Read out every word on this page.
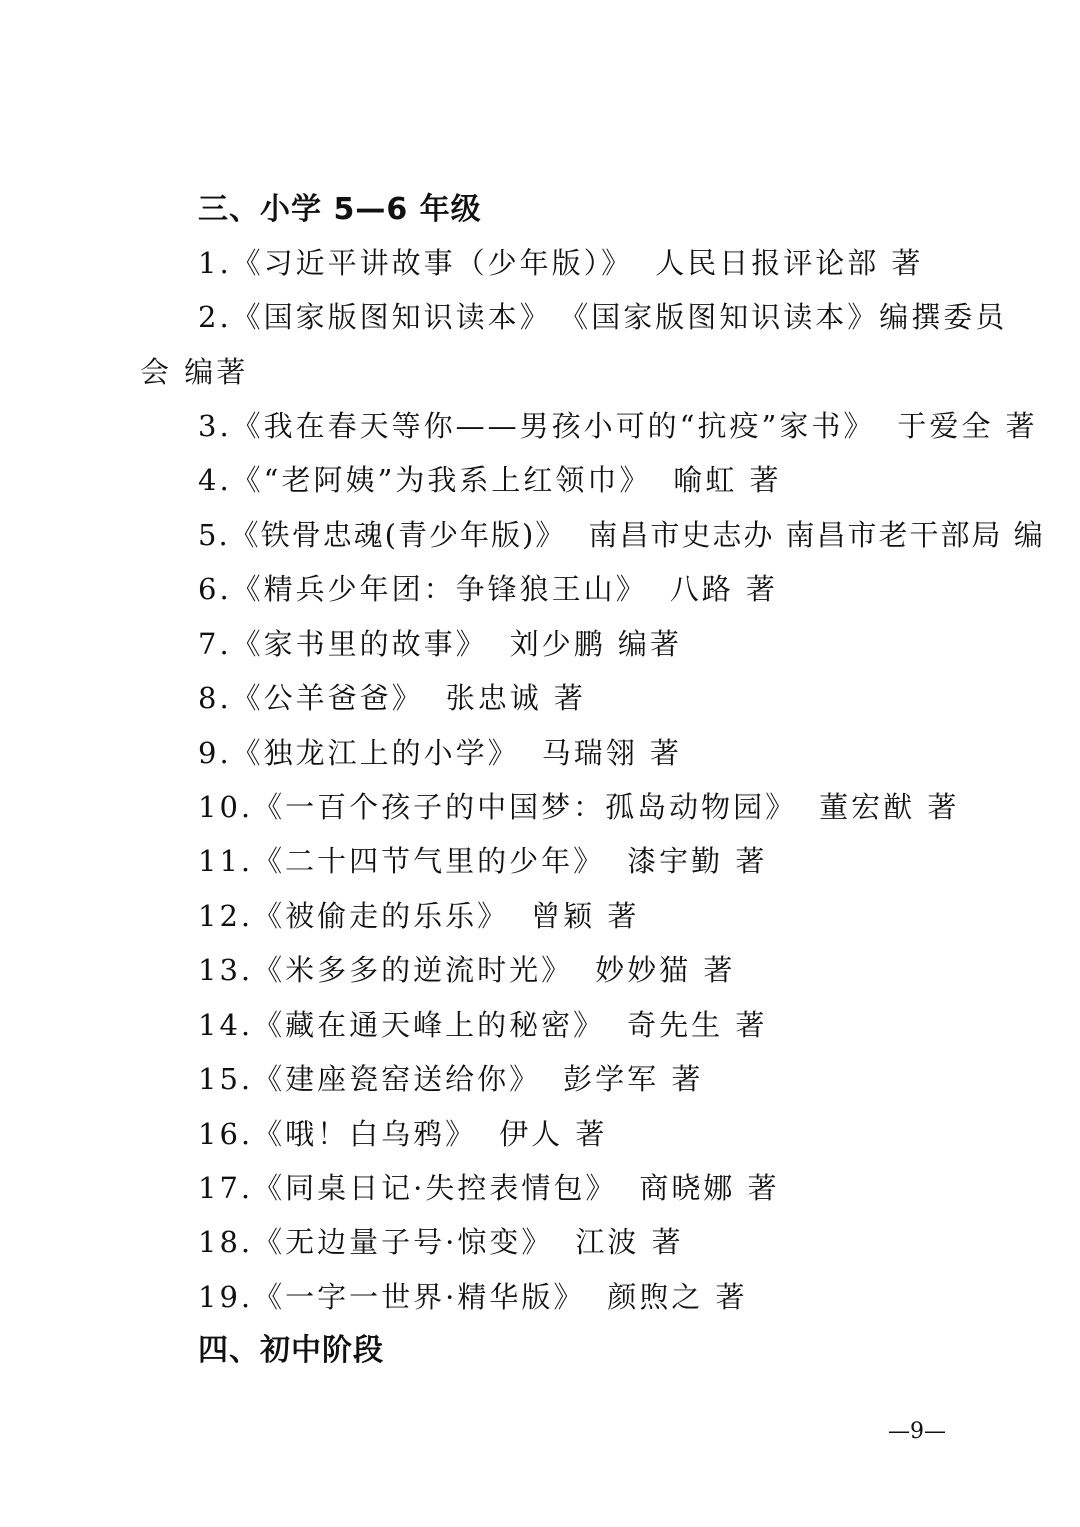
三、小学 5—6 年级
1.《习近平讲故事（少年版）》 人民日报评论部 著
2.《国家版图知识读本》 《国家版图知识读本》编撰委员
会 编著
3.《我在春天等你——男孩小可的“抗疫”家书》 于爱全 著
4.《“老阿姨”为我系上红领巾》 喻虹 著
5.《铁骨忠魂(青少年版)》 南昌市史志办 南昌市老干部局 编
6.《精兵少年团：争锋狼王山》 八路 著
7.《家书里的故事》 刘少鹏 编著
8.《公羊爸爸》 张忠诚 著
9.《独龙江上的小学》 马瑞翎 著
10.《一百个孩子的中国梦：孤岛动物园》 董宏猷 著
11.《二十四节气里的少年》 漆宇勤 著
12.《被偷走的乐乐》 曾颖 著
13.《米多多的逆流时光》 妙妙猫 著
14.《藏在通天峰上的秘密》 奇先生 著
15.《建座瓷窑送给你》 彭学军 著
16.《哦！白乌鸦》 伊人 著
17.《同桌日记·失控表情包》 商晓娜 著
18.《无边量子号·惊变》 江波 著
19.《一字一世界·精华版》 颜煦之 著
四、初中阶段
—9—
